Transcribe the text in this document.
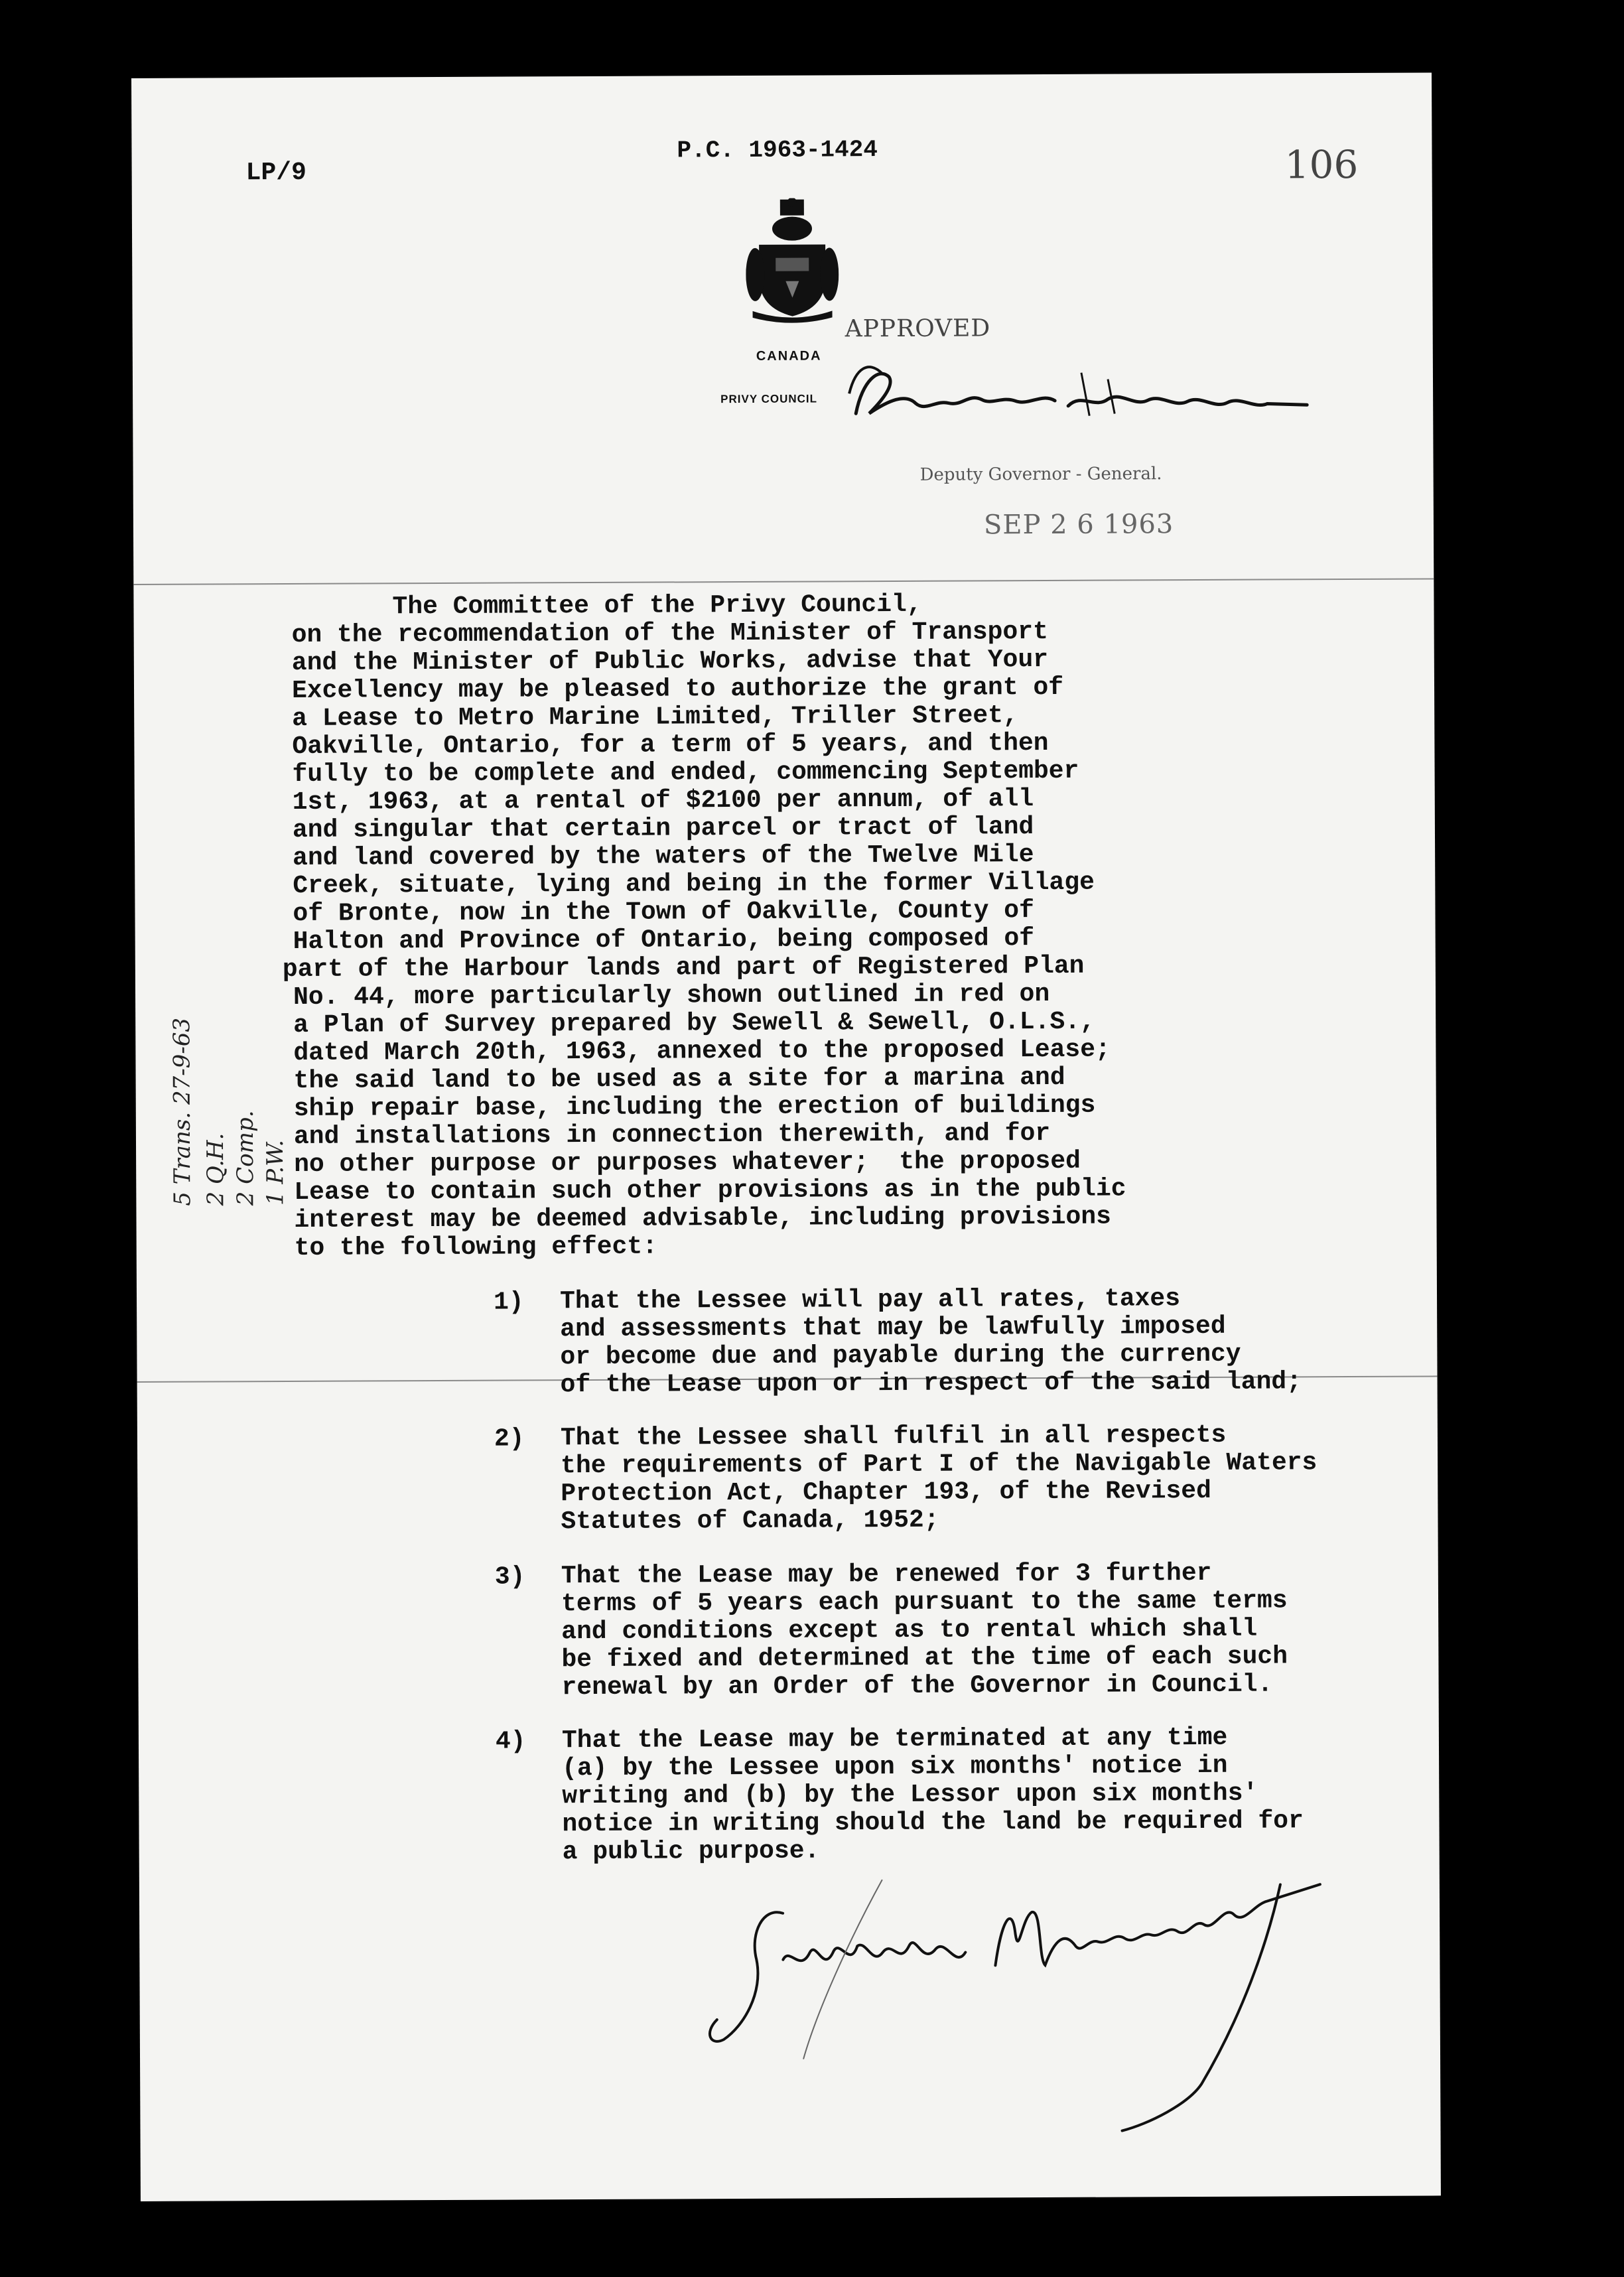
LP/9
P.C. 1963-1424	106
CANADA
PRIVY COUNCIL
APPROVED
Deputy Governor - General.
SEP 2 6 1963
5 Trans. 27-9-63 2 Q.H. 2 Comp. 1 P.W.
The Committee of the Privy Council,
on the recommendation of the Minister of Transport
and the Minister of Public Works, advise that Your
Excellency may be pleased to authorize the grant of
a Lease to Metro Marine Limited, Triller Street,
Oakville, Ontario, for a term of 5 years, and then
fully to be complete and ended, commencing September
1st, 1963, at a rental of $2100 per annum, of all
and singular that certain parcel or tract of land
and land covered by the waters of the Twelve Mile
Creek, situate, lying and being in the former Village
of Bronte, now in the Town of Oakville, County of
Halton and Province of Ontario, being composed of
part of the Harbour lands and part of Registered Plan
No. 44, more particularly shown outlined in red on
a Plan of Survey prepared by Sewell & Sewell, O.L.S.,
dated March 20th, 1963, annexed to the proposed Lease;
the said land to be used as a site for a marina and
ship repair base, including the erection of buildings
and installations in connection therewith, and for
no other purpose or purposes whatever;  the proposed
Lease to contain such other provisions as in the public
interest may be deemed advisable, including provisions
to the following effect:
1) That the Lessee will pay all rates, taxes
and assessments that may be lawfully imposed
or become due and payable during the currency
of the Lease upon or in respect of the said land;
2) That the Lessee shall fulfil in all respects
the requirements of Part I of the Navigable Waters
Protection Act, Chapter 193, of the Revised
Statutes of Canada, 1952;
3) That the Lease may be renewed for 3 further
terms of 5 years each pursuant to the same terms
and conditions except as to rental which shall
be fixed and determined at the time of each such
renewal by an Order of the Governor in Council.
4) That the Lease may be terminated at any time
(a) by the Lessee upon six months' notice in
writing and (b) by the Lessor upon six months'
notice in writing should the land be required for
a public purpose.
